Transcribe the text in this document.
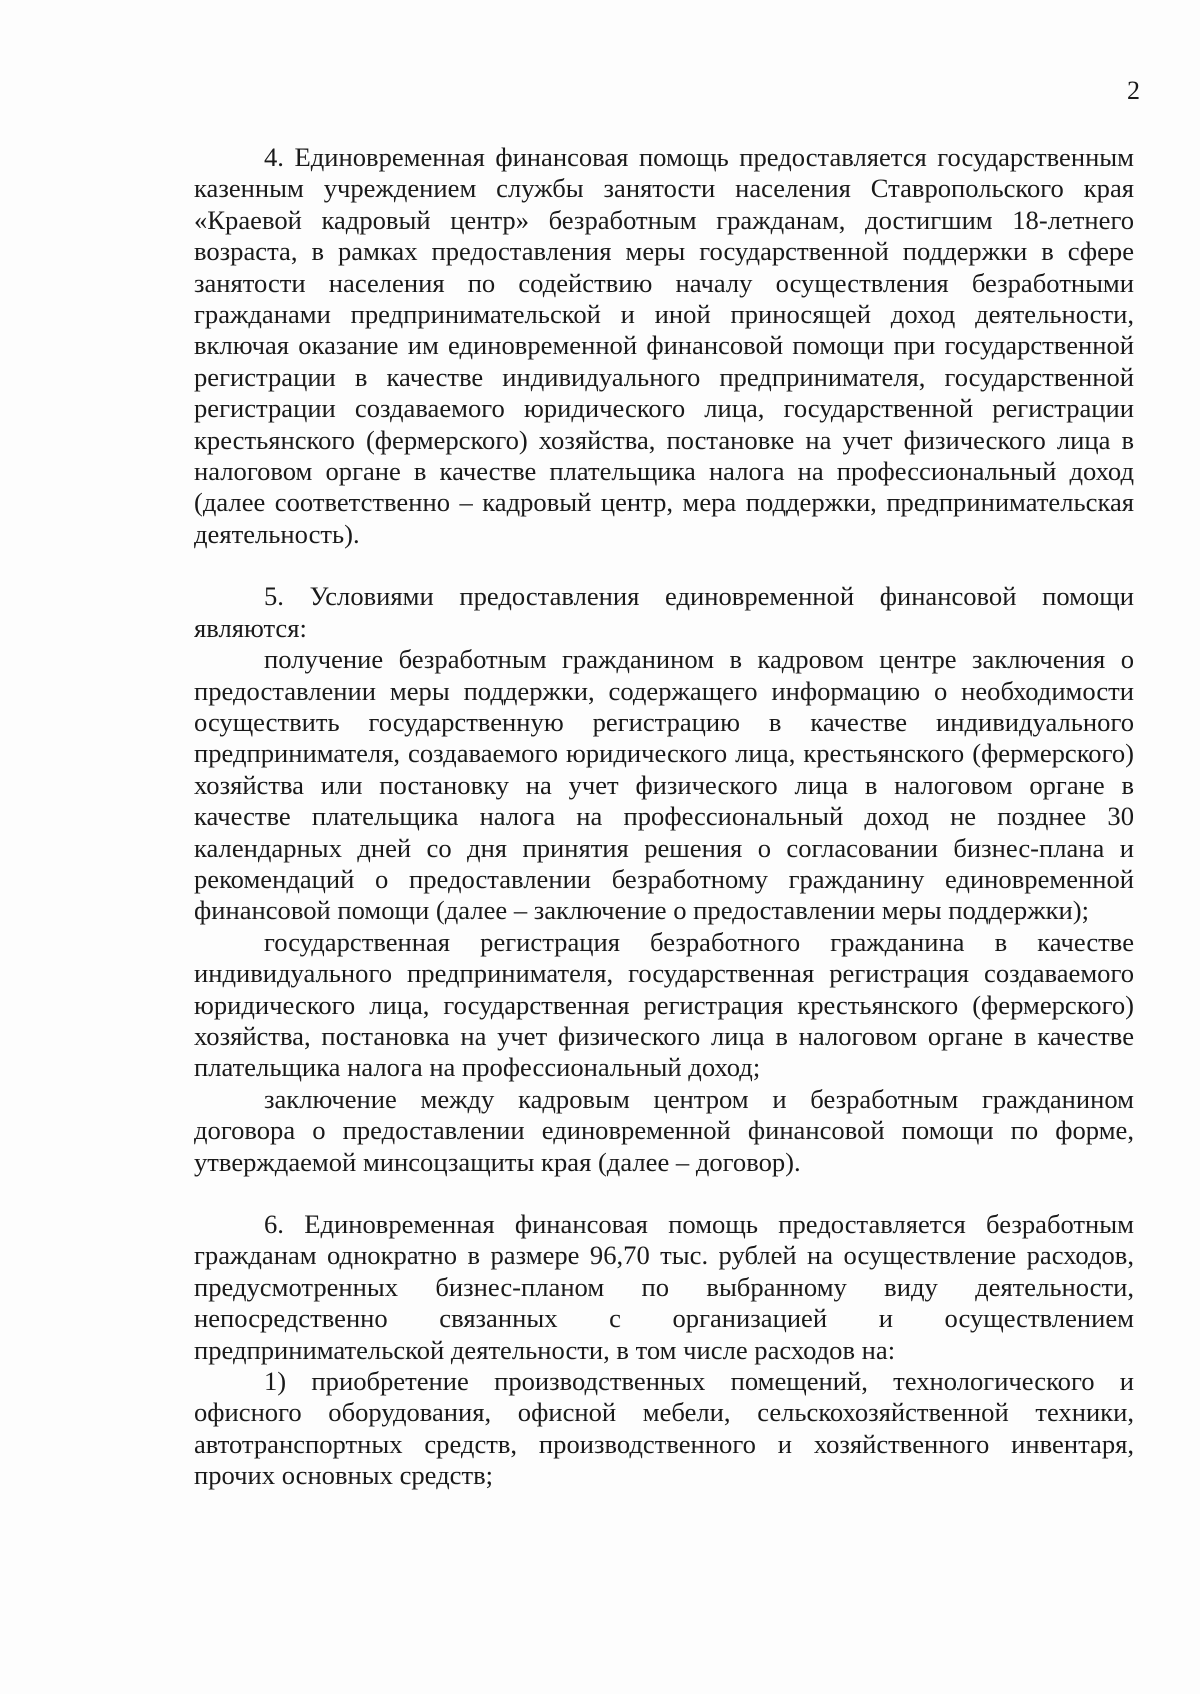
2

4. Единовременная финансовая помощь предоставляется государственным казенным учреждением службы занятости населения Ставропольского края «Краевой кадровый центр» безработным гражданам, достигшим 18-летнего возраста, в рамках предоставления меры государственной поддержки в сфере занятости населения по содействию началу осуществления безработными гражданами предпринимательской и иной приносящей доход деятельности, включая оказание им единовременной финансовой помощи при государственной регистрации в качестве индивидуального предпринимателя, государственной регистрации создаваемого юридического лица, государственной регистрации крестьянского (фермерского) хозяйства, постановке на учет физического лица в налоговом органе в качестве плательщика налога на профессиональный доход (далее соответственно – кадровый центр, мера поддержки, предпринимательская деятельность).

5. Условиями предоставления единовременной финансовой помощи являются:

получение безработным гражданином в кадровом центре заключения о предоставлении меры поддержки, содержащего информацию о необходимости осуществить государственную регистрацию в качестве индивидуального предпринимателя, создаваемого юридического лица, крестьянского (фермерского) хозяйства или постановку на учет физического лица в налоговом органе в качестве плательщика налога на профессиональный доход не позднее 30 календарных дней со дня принятия решения о согласовании бизнес-плана и рекомендаций о предоставлении безработному гражданину единовременной финансовой помощи (далее – заключение о предоставлении меры поддержки);

государственная регистрация безработного гражданина в качестве индивидуального предпринимателя, государственная регистрация создаваемого юридического лица, государственная регистрация крестьянского (фермерского) хозяйства, постановка на учет физического лица в налоговом органе в качестве плательщика налога на профессиональный доход;

заключение между кадровым центром и безработным гражданином договора о предоставлении единовременной финансовой помощи по форме, утверждаемой минсоцзащиты края (далее – договор).

6. Единовременная финансовая помощь предоставляется безработным гражданам однократно в размере 96,70 тыс. рублей на осуществление расходов, предусмотренных бизнес-планом по выбранному виду деятельности, непосредственно связанных с организацией и осуществлением предпринимательской деятельности, в том числе расходов на:

1) приобретение производственных помещений, технологического и офисного оборудования, офисной мебели, сельскохозяйственной техники, автотранспортных средств, производственного и хозяйственного инвентаря, прочих основных средств;
